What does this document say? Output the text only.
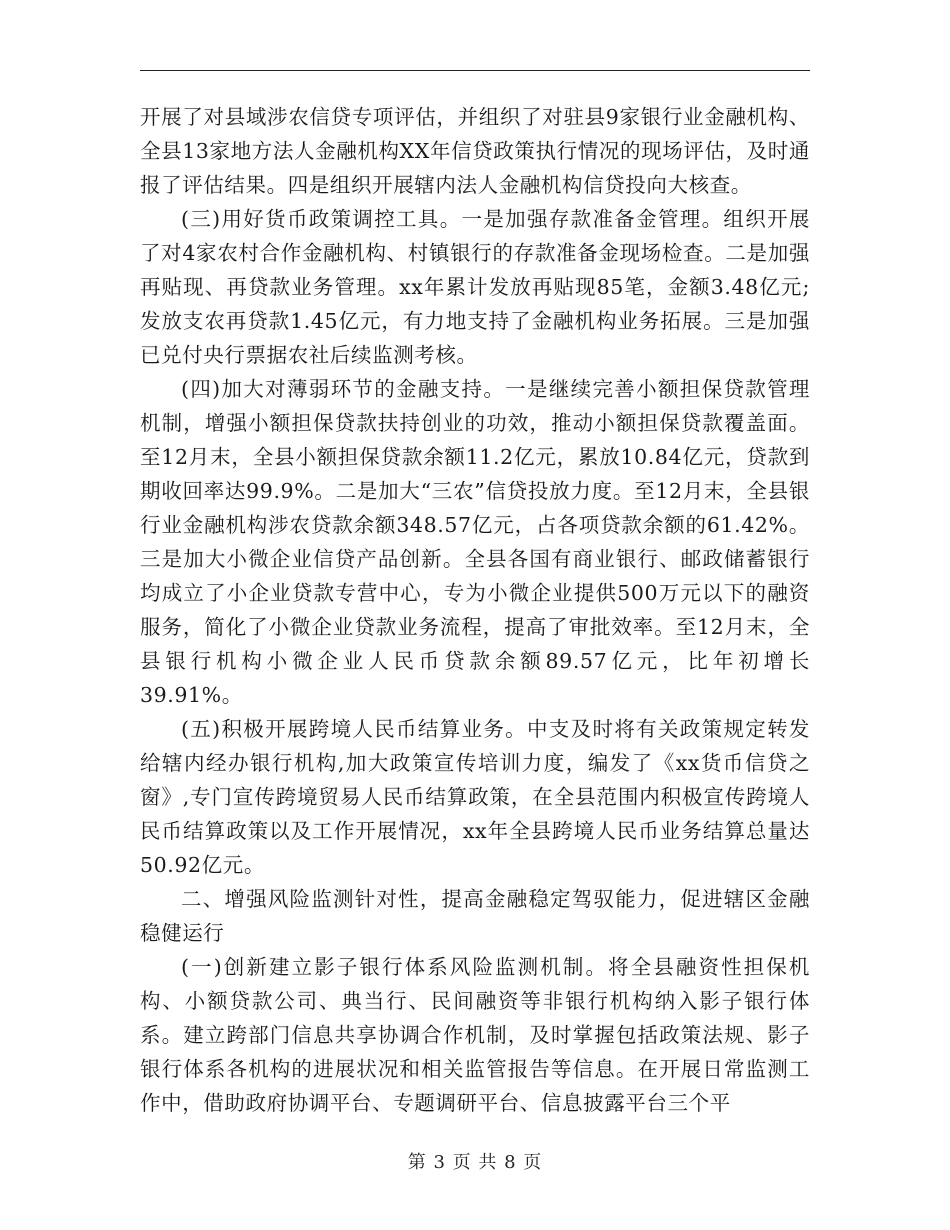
开展了对县域涉农信贷专项评估，并组织了对驻县9家银行业金融机构、全县13家地方法人金融机构XX年信贷政策执行情况的现场评估，及时通报了评估结果。四是组织开展辖内法人金融机构信贷投向大核查。

(三)用好货币政策调控工具。一是加强存款准备金管理。组织开展了对4家农村合作金融机构、村镇银行的存款准备金现场检查。二是加强再贴现、再贷款业务管理。xx年累计发放再贴现85笔，金额3.48亿元;发放支农再贷款1.45亿元，有力地支持了金融机构业务拓展。三是加强已兑付央行票据农社后续监测考核。

(四)加大对薄弱环节的金融支持。一是继续完善小额担保贷款管理机制，增强小额担保贷款扶持创业的功效，推动小额担保贷款覆盖面。至12月末，全县小额担保贷款余额11.2亿元，累放10.84亿元，贷款到期收回率达99.9%。二是加大“三农”信贷投放力度。至12月末，全县银行业金融机构涉农贷款余额348.57亿元，占各项贷款余额的61.42%。三是加大小微企业信贷产品创新。全县各国有商业银行、邮政储蓄银行均成立了小企业贷款专营中心，专为小微企业提供500万元以下的融资服务，简化了小微企业贷款业务流程，提高了审批效率。至12月末，全县银行机构小微企业人民币贷款余额89.57亿元，比年初增长39.91%。

(五)积极开展跨境人民币结算业务。中支及时将有关政策规定转发给辖内经办银行机构,加大政策宣传培训力度，编发了《xx货币信贷之窗》,专门宣传跨境贸易人民币结算政策，在全县范围内积极宣传跨境人民币结算政策以及工作开展情况，xx年全县跨境人民币业务结算总量达50.92亿元。

二、增强风险监测针对性，提高金融稳定驾驭能力，促进辖区金融稳健运行

(一)创新建立影子银行体系风险监测机制。将全县融资性担保机构、小额贷款公司、典当行、民间融资等非银行机构纳入影子银行体系。建立跨部门信息共享协调合作机制，及时掌握包括政策法规、影子银行体系各机构的进展状况和相关监管报告等信息。在开展日常监测工作中，借助政府协调平台、专题调研平台、信息披露平台三个平

第 3 页 共 8 页
